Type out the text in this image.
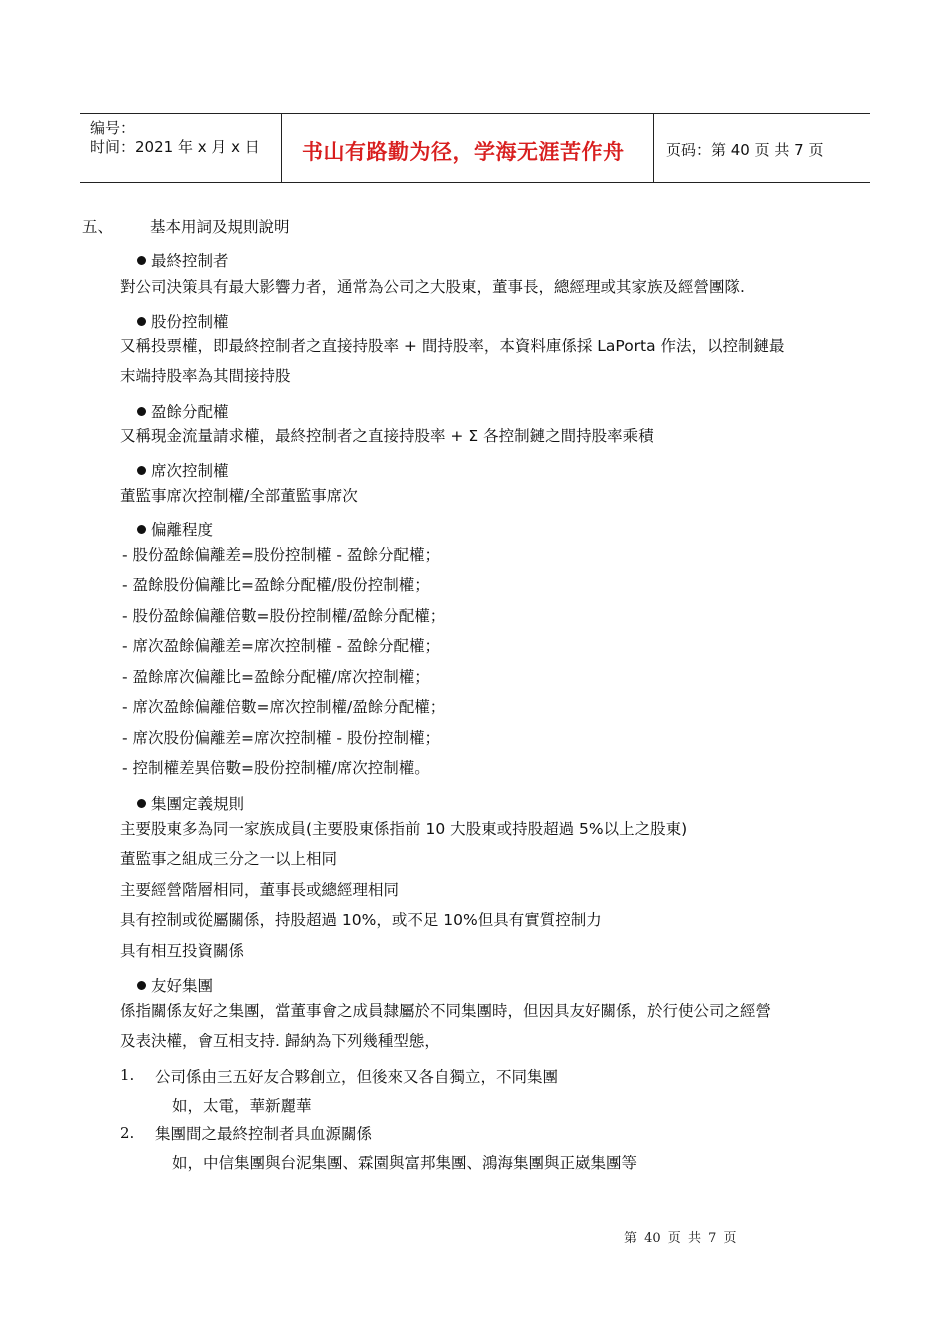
编号：
时间：2021 年 x 月 x 日 书山有路勤为径，学海无涯苦作舟	页码：第 40 页 共 7 页
五、 基本用詞及規則說明
最終控制者
對公司決策具有最大影響力者，通常為公司之大股東，董事長，總經理或其家族及經營團隊.
股份控制權
又稱投票權，即最終控制者之直接持股率 + 間持股率，本資料庫係採 LaPorta 作法，以控制鏈最
末端持股率為其間接持股
盈餘分配權
又稱現金流量請求權，最終控制者之直接持股率 + Σ 各控制鏈之間持股率乘積
席次控制權
董監事席次控制權/全部董監事席次
偏離程度
- 股份盈餘偏離差=股份控制權 - 盈餘分配權；
- 盈餘股份偏離比=盈餘分配權/股份控制權；
- 股份盈餘偏離倍數=股份控制權/盈餘分配權；
- 席次盈餘偏離差=席次控制權 - 盈餘分配權；
- 盈餘席次偏離比=盈餘分配權/席次控制權；
- 席次盈餘偏離倍數=席次控制權/盈餘分配權；
- 席次股份偏離差=席次控制權 - 股份控制權；
- 控制權差異倍數=股份控制權/席次控制權。
集團定義規則
主要股東多為同一家族成員(主要股東係指前 10 大股東或持股超過 5%以上之股東)
董監事之組成三分之一以上相同
主要經營階層相同，董事長或總經理相同
具有控制或從屬關係，持股超過 10%，或不足 10%但具有實質控制力
具有相互投資關係
友好集團
係指關係友好之集團，當董事會之成員隸屬於不同集團時，但因具友好關係，於行使公司之經營
及表決權，會互相支持. 歸納為下列幾種型態，
1. 公司係由三五好友合夥創立，但後來又各自獨立，不同集團
如，太電，華新麗華
2. 集團間之最終控制者具血源關係
如，中信集團與台泥集團、霖園與富邦集團、鴻海集團與正崴集團等
第 40 页 共 7 页
